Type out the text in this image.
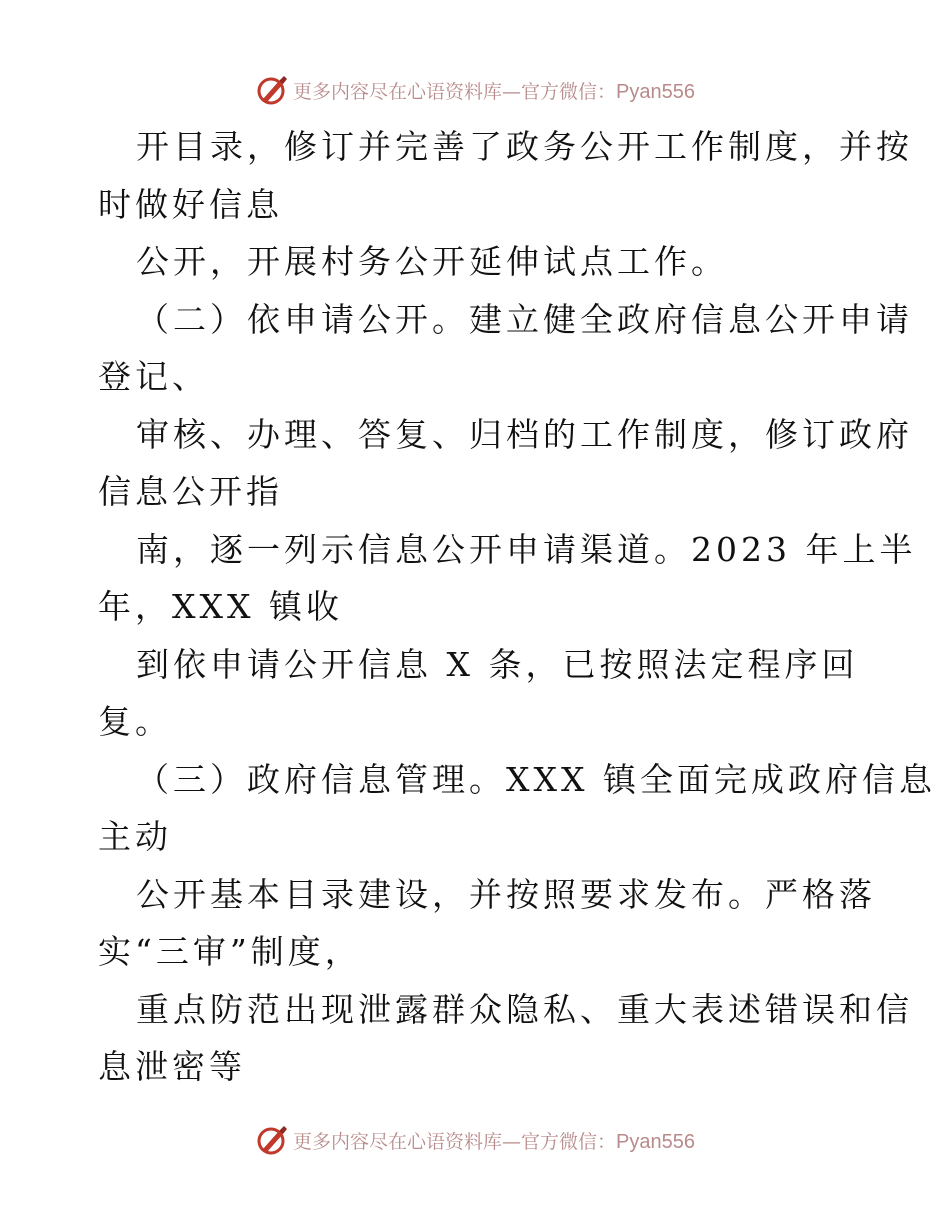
更多内容尽在心语资料库—官方微信：Pyan556
开目录，修订并完善了政务公开工作制度，并按
时做好信息
公开，开展村务公开延伸试点工作。
（二）依申请公开。建立健全政府信息公开申请
登记、
审核、办理、答复、归档的工作制度，修订政府
信息公开指
南，逐一列示信息公开申请渠道。2023 年上半
年，XXX 镇收
到依申请公开信息 X 条，已按照法定程序回
复。
（三）政府信息管理。XXX 镇全面完成政府信息
主动
公开基本目录建设，并按照要求发布。严格落
实“三审”制度，
重点防范出现泄露群众隐私、重大表述错误和信
息泄密等
更多内容尽在心语资料库—官方微信：Pyan556
